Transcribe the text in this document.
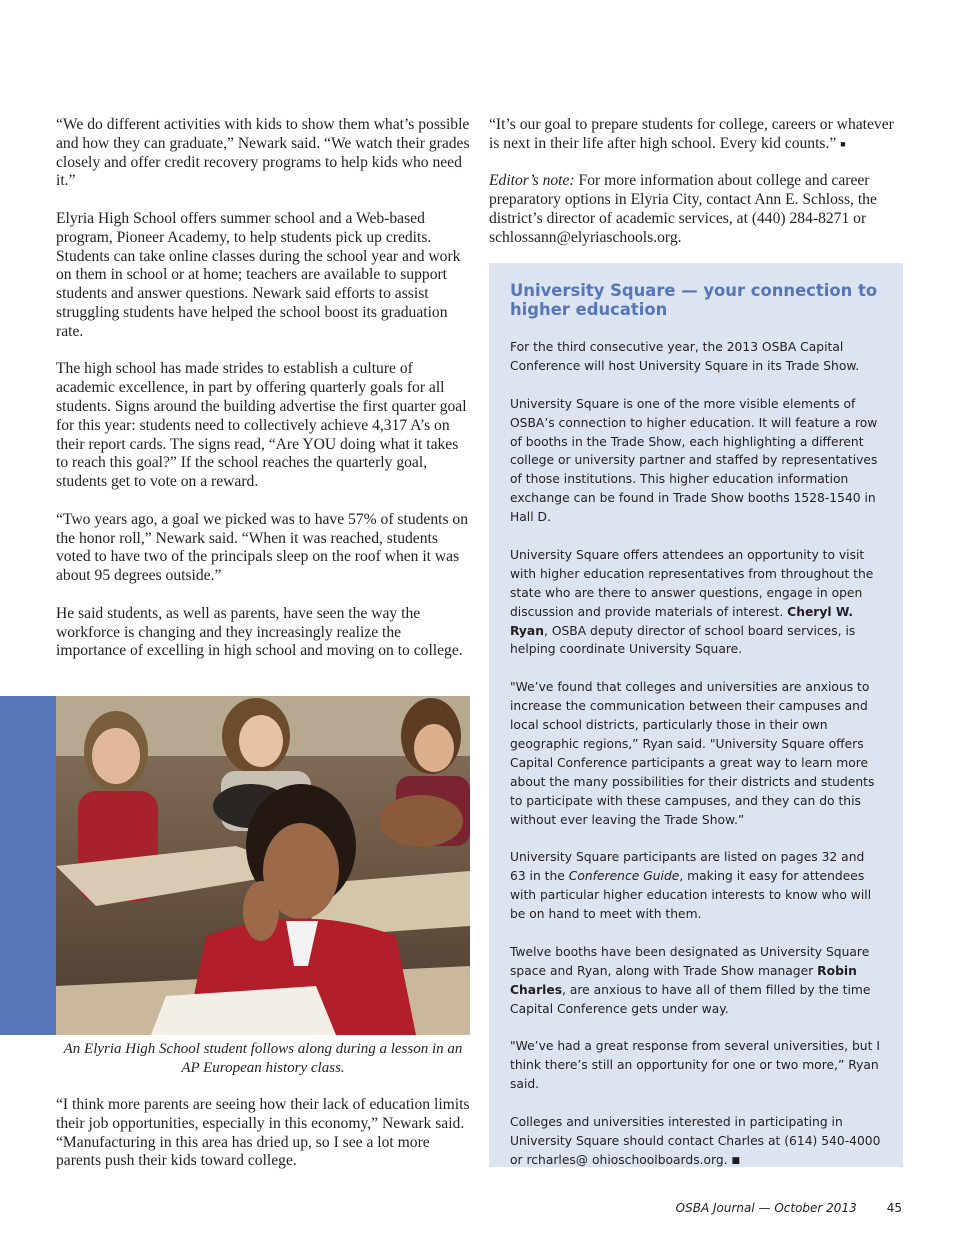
“We do different activities with kids to show them what’s possible and how they can graduate,” Newark said. “We watch their grades closely and offer credit recovery programs to help kids who need it.”

Elyria High School offers summer school and a Web-based program, Pioneer Academy, to help students pick up credits. Students can take online classes during the school year and work on them in school or at home; teachers are available to support students and answer questions. Newark said efforts to assist struggling students have helped the school boost its graduation rate.

The high school has made strides to establish a culture of academic excellence, in part by offering quarterly goals for all students. Signs around the building advertise the first quarter goal for this year: students need to collectively achieve 4,317 A’s on their report cards. The signs read, “Are YOU doing what it takes to reach this goal?” If the school reaches the quarterly goal, students get to vote on a reward.

“Two years ago, a goal we picked was to have 57% of students on the honor roll,” Newark said. “When it was reached, students voted to have two of the principals sleep on the roof when it was about 95 degrees outside.”

He said students, as well as parents, have seen the way the workforce is changing and they increasingly realize the importance of excelling in high school and moving on to college.

An Elyria High School student follows along during a lesson in an AP European history class.

“I think more parents are seeing how their lack of education limits their job opportunities, especially in this economy,” Newark said. “Manufacturing in this area has dried up, so I see a lot more parents push their kids toward college.

“It’s our goal to prepare students for college, careers or whatever is next in their life after high school. Every kid counts.” ■

Editor’s note: For more information about college and career preparatory options in Elyria City, contact Ann E. Schloss, the district’s director of academic services, at (440) 284-8271 or schlossann@elyriaschools.org.

University Square — your connection to higher education

For the third consecutive year, the 2013 OSBA Capital Conference will host University Square in its Trade Show.

University Square is one of the more visible elements of OSBA’s connection to higher education. It will feature a row of booths in the Trade Show, each highlighting a different college or university partner and staffed by representatives of those institutions. This higher education information exchange can be found in Trade Show booths 1528-1540 in Hall D.

University Square offers attendees an opportunity to visit with higher education representatives from throughout the state who are there to answer questions, engage in open discussion and provide materials of interest. Cheryl W. Ryan, OSBA deputy director of school board services, is helping coordinate University Square.

"We’ve found that colleges and universities are anxious to increase the communication between their campuses and local school districts, particularly those in their own geographic regions,” Ryan said. "University Square offers Capital Conference participants a great way to learn more about the many possibilities for their districts and students to participate with these campuses, and they can do this without ever leaving the Trade Show.”

University Square participants are listed on pages 32 and 63 in the Conference Guide, making it easy for attendees with particular higher education interests to know who will be on hand to meet with them.

Twelve booths have been designated as University Square space and Ryan, along with Trade Show manager Robin Charles, are anxious to have all of them filled by the time Capital Conference gets under way.

"We’ve had a great response from several universities, but I think there’s still an opportunity for one or two more,” Ryan said.

Colleges and universities interested in participating in University Square should contact Charles at (614) 540-4000 or rcharles@ ohioschoolboards.org. ■

OSBA Journal — October 2013	45
